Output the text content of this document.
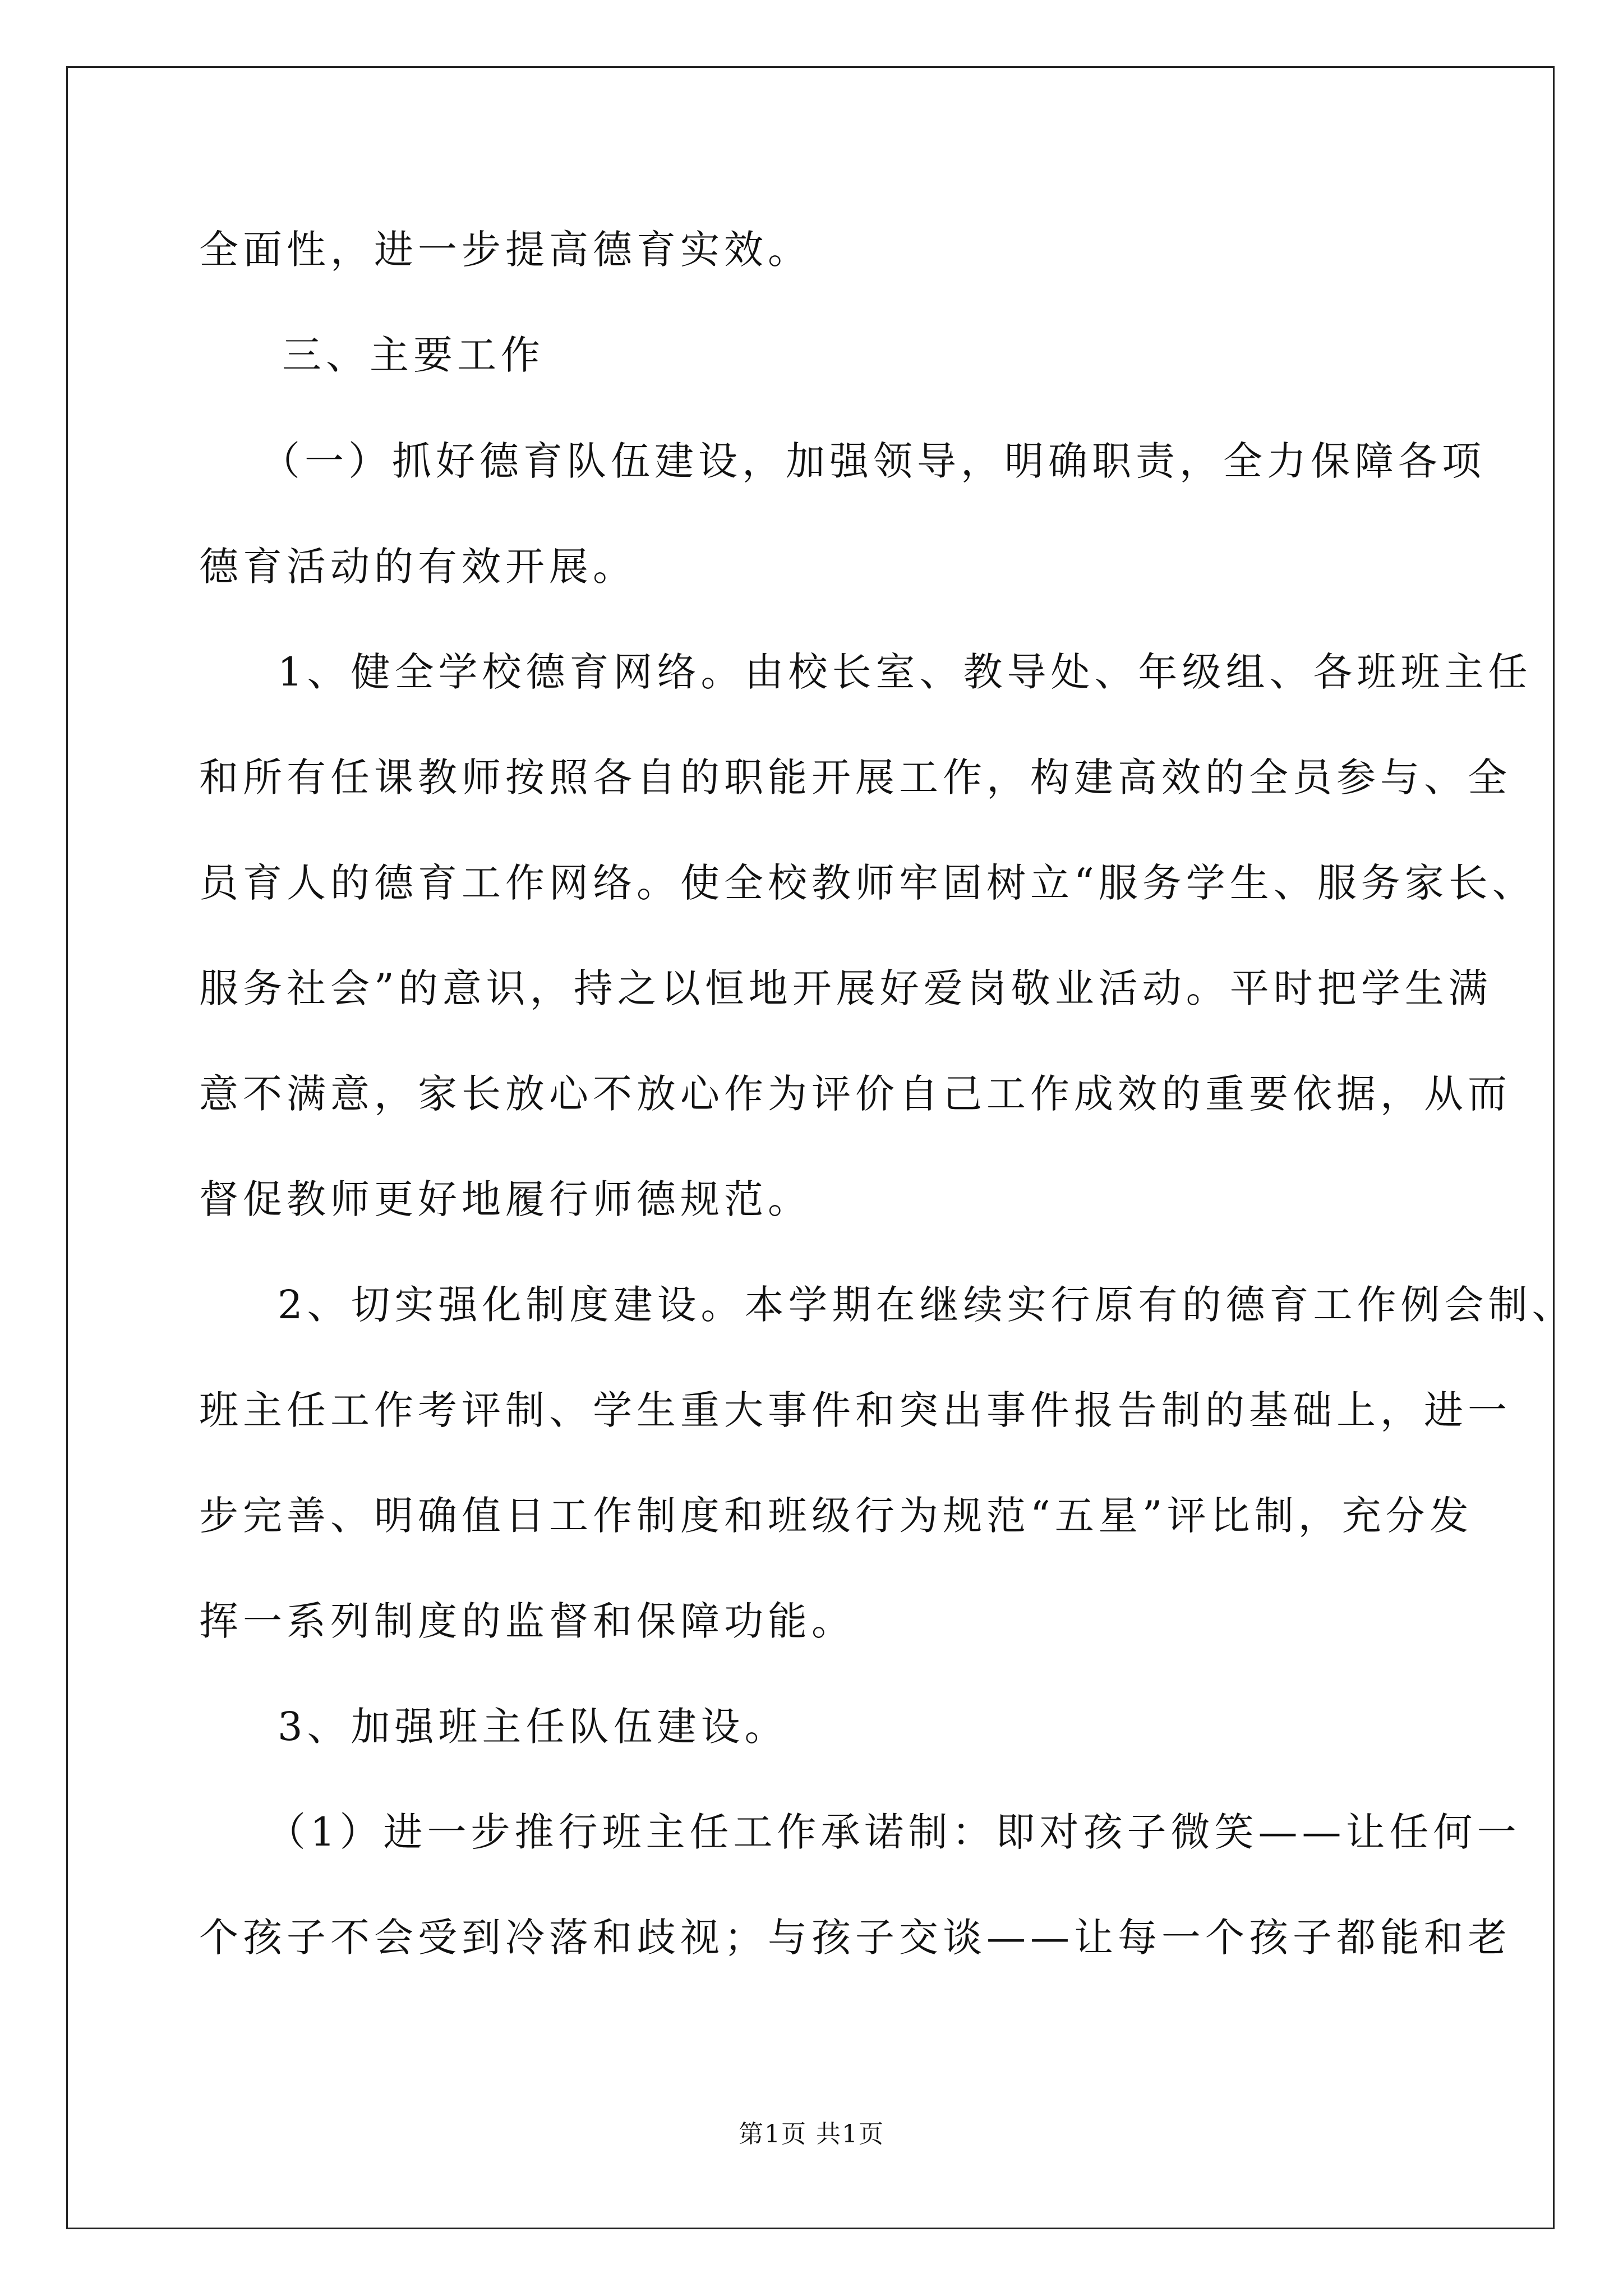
全面性，进一步提高德育实效。
三、主要工作
（一）抓好德育队伍建设，加强领导，明确职责，全力保障各项
德育活动的有效开展。
1、健全学校德育网络。由校长室、教导处、年级组、各班班主任
和所有任课教师按照各自的职能开展工作，构建高效的全员参与、全
员育人的德育工作网络。使全校教师牢固树立“服务学生、服务家长、
服务社会”的意识，持之以恒地开展好爱岗敬业活动。平时把学生满
意不满意，家长放心不放心作为评价自己工作成效的重要依据，从而
督促教师更好地履行师德规范。
2、切实强化制度建设。本学期在继续实行原有的德育工作例会制、
班主任工作考评制、学生重大事件和突出事件报告制的基础上，进一
步完善、明确值日工作制度和班级行为规范“五星”评比制，充分发
挥一系列制度的监督和保障功能。
3、加强班主任队伍建设。
（1）进一步推行班主任工作承诺制：即对孩子微笑——让任何一
个孩子不会受到冷落和歧视；与孩子交谈——让每一个孩子都能和老
第1页 共1页
